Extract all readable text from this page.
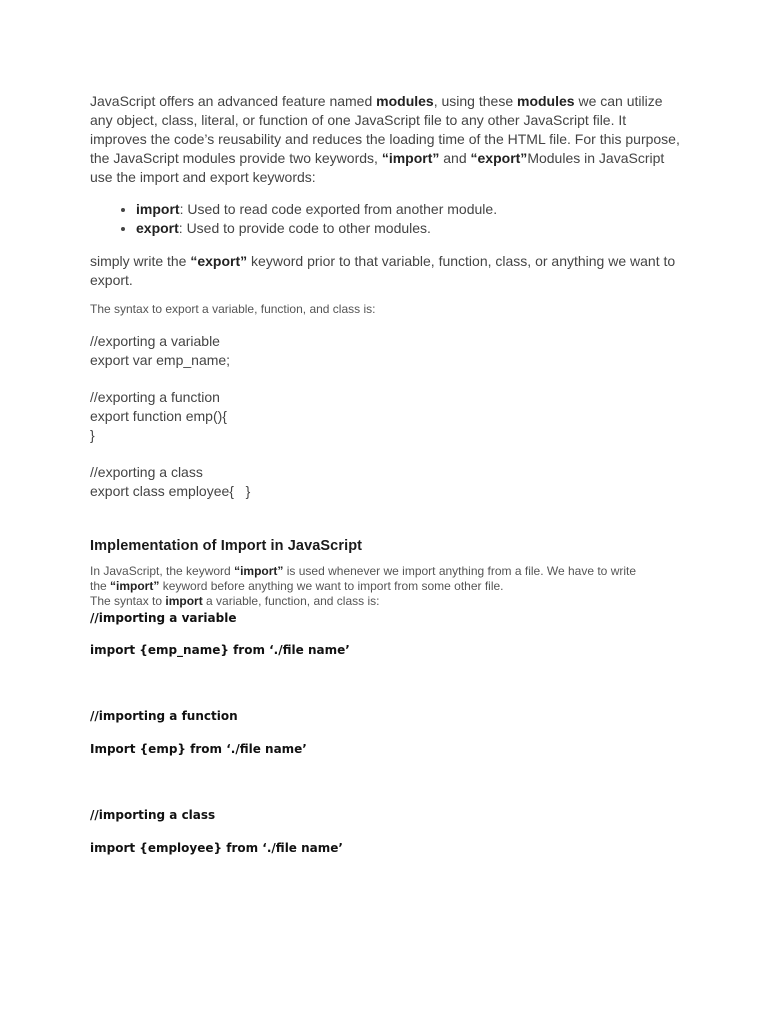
JavaScript offers an advanced feature named modules, using these modules we can utilize
any object, class, literal, or function of one JavaScript file to any other JavaScript file. It
improves the code’s reusability and reduces the loading time of the HTML file. For this purpose,
the JavaScript modules provide two keywords, “import” and “export”Modules in JavaScript
use the import and export keywords:

• import: Used to read code exported from another module.
• export: Used to provide code to other modules.

simply write the “export” keyword prior to that variable, function, class, or anything we want to
export.

The syntax to export a variable, function, and class is:

//exporting a variable
export var emp_name;

//exporting a function
export function emp(){
}

//exporting a class
export class employee{   }

Implementation of Import in JavaScript

In JavaScript, the keyword “import” is used whenever we import anything from a file. We have to write
the “import” keyword before anything we want to import from some other file.
The syntax to import a variable, function, and class is:

//importing a variable

import {emp_name} from ‘./file name’

//importing a function

Import {emp} from ‘./file name’

//importing a class

import {employee} from ‘./file name’
